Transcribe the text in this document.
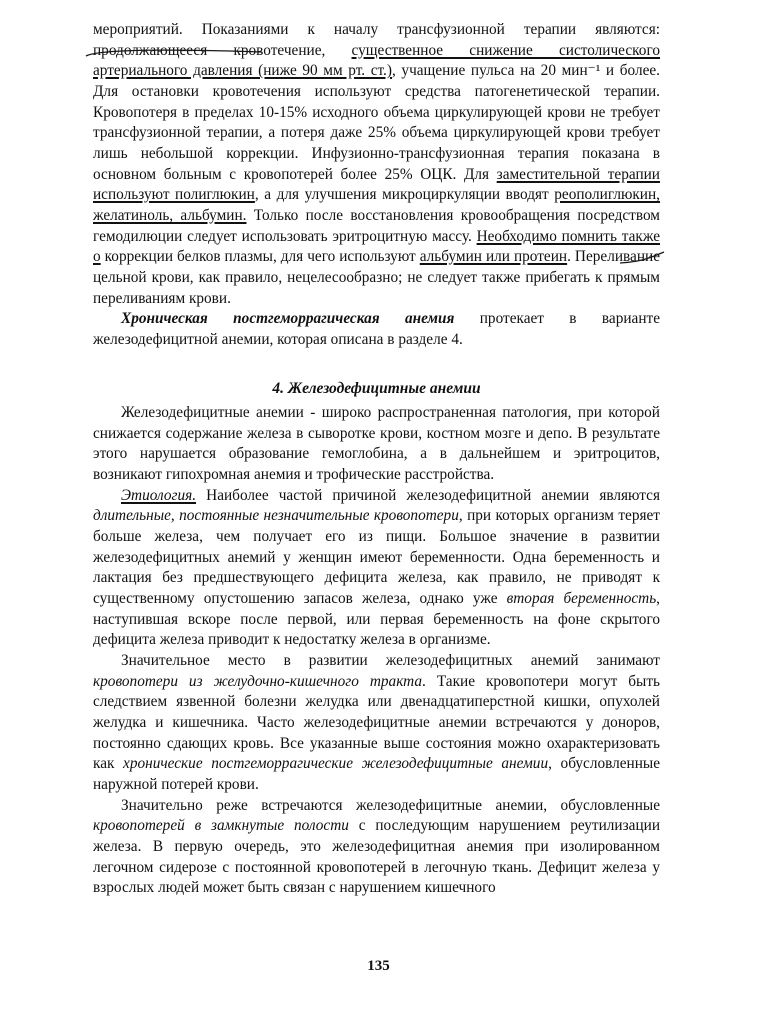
мероприятий. Показаниями к началу трансфузионной терапии являются: продолжающееся кровотечение, существенное снижение систолического артериального давления (ниже 90 мм рт. ст.), учащение пульса на 20 мин⁻¹ и более. Для остановки кровотечения используют средства патогенетической терапии. Кровопотеря в пределах 10-15% исходного объема циркулирующей крови не требует трансфузионной терапии, а потеря даже 25% объема циркулирующей крови требует лишь небольшой коррекции. Инфузионно-трансфузионная терапия показана в основном больным с кровопотерей более 25% ОЦК. Для заместительной терапии используют полиглюкин, а для улучшения микроциркуляции вводят реополиглюкин, желатиноль, альбумин. Только после восстановления кровообращения посредством гемодилюции следует использовать эритроцитную массу. Необходимо помнить также о коррекции белков плазмы, для чего используют альбумин или протеин. Переливание цельной крови, как правило, нецелесообразно; не следует также прибегать к прямым переливаниям крови.

Хроническая постгеморрагическая анемия протекает в варианте железодефицитной анемии, которая описана в разделе 4.

4. Железодефицитные анемии

Железодефицитные анемии - широко распространенная патология, при которой снижается содержание железа в сыворотке крови, костном мозге и депо. В результате этого нарушается образование гемоглобина, а в дальнейшем и эритроцитов, возникают гипохромная анемия и трофические расстройства.

Этиология. Наиболее частой причиной железодефицитной анемии являются длительные, постоянные незначительные кровопотери, при которых организм теряет больше железа, чем получает его из пищи. Большое значение в развитии железодефицитных анемий у женщин имеют беременности. Одна беременность и лактация без предшествующего дефицита железа, как правило, не приводят к существенному опустошению запасов железа, однако уже вторая беременность, наступившая вскоре после первой, или первая беременность на фоне скрытого дефицита железа приводит к недостатку железа в организме.

Значительное место в развитии железодефицитных анемий занимают кровопотери из желудочно-кишечного тракта. Такие кровопотери могут быть следствием язвенной болезни желудка или двенадцатиперстной кишки, опухолей желудка и кишечника. Часто железодефицитные анемии встречаются у доноров, постоянно сдающих кровь. Все указанные выше состояния можно охарактеризовать как хронические постгеморрагические железодефицитные анемии, обусловленные наружной потерей крови.

Значительно реже встречаются железодефицитные анемии, обусловленные кровопотерей в замкнутые полости с последующим нарушением реутилизации железа. В первую очередь, это железодефицитная анемия при изолированном легочном сидерозе с постоянной кровопотерей в легочную ткань. Дефицит железа у взрослых людей может быть связан с нарушением кишечного

135
